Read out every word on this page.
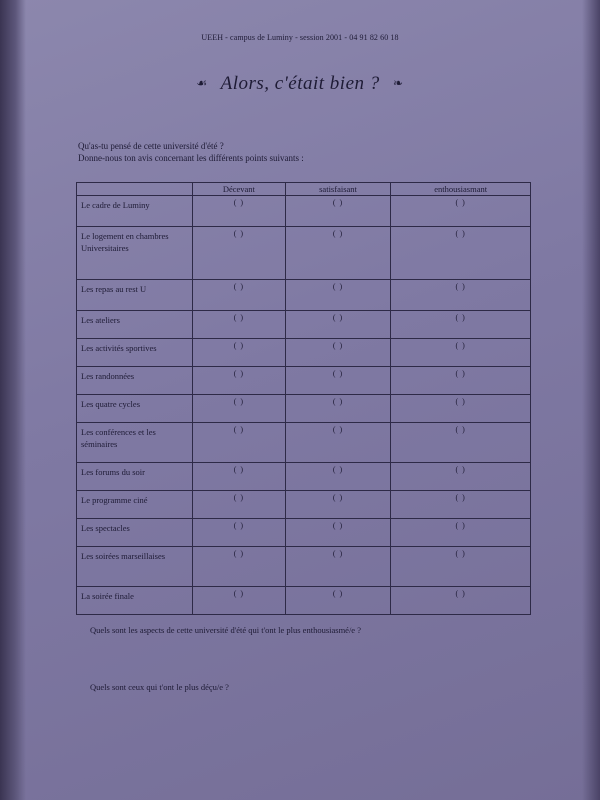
UEEH - campus de Luminy - session 2001 - 04 91 82 60 18
☙ Alors, c'était bien ? ❧
Qu'as-tu pensé de cette université d'été ?
Donne-nous ton avis concernant les différents points suivants :
	Décevant	satisfaisant	enthousiasmant
Le cadre de Luminy	( )	( )	( )
Le logement en chambres Universitaires	( )	( )	( )
Les repas au rest U	( )	( )	( )
Les ateliers	( )	( )	( )
Les activités sportives	( )	( )	( )
Les randonnées	( )	( )	( )
Les quatre cycles	( )	( )	( )
Les conférences et les séminaires	( )	( )	( )
Les forums du soir	( )	( )	( )
Le programme ciné	( )	( )	( )
Les spectacles	( )	( )	( )
Les soirées marseillaises	( )	( )	( )
La soirée finale	( )	( )	( )
Quels sont les aspects de cette université d'été qui t'ont le plus enthousiasmé/e ?
Quels sont ceux qui t'ont le plus déçu/e ?
